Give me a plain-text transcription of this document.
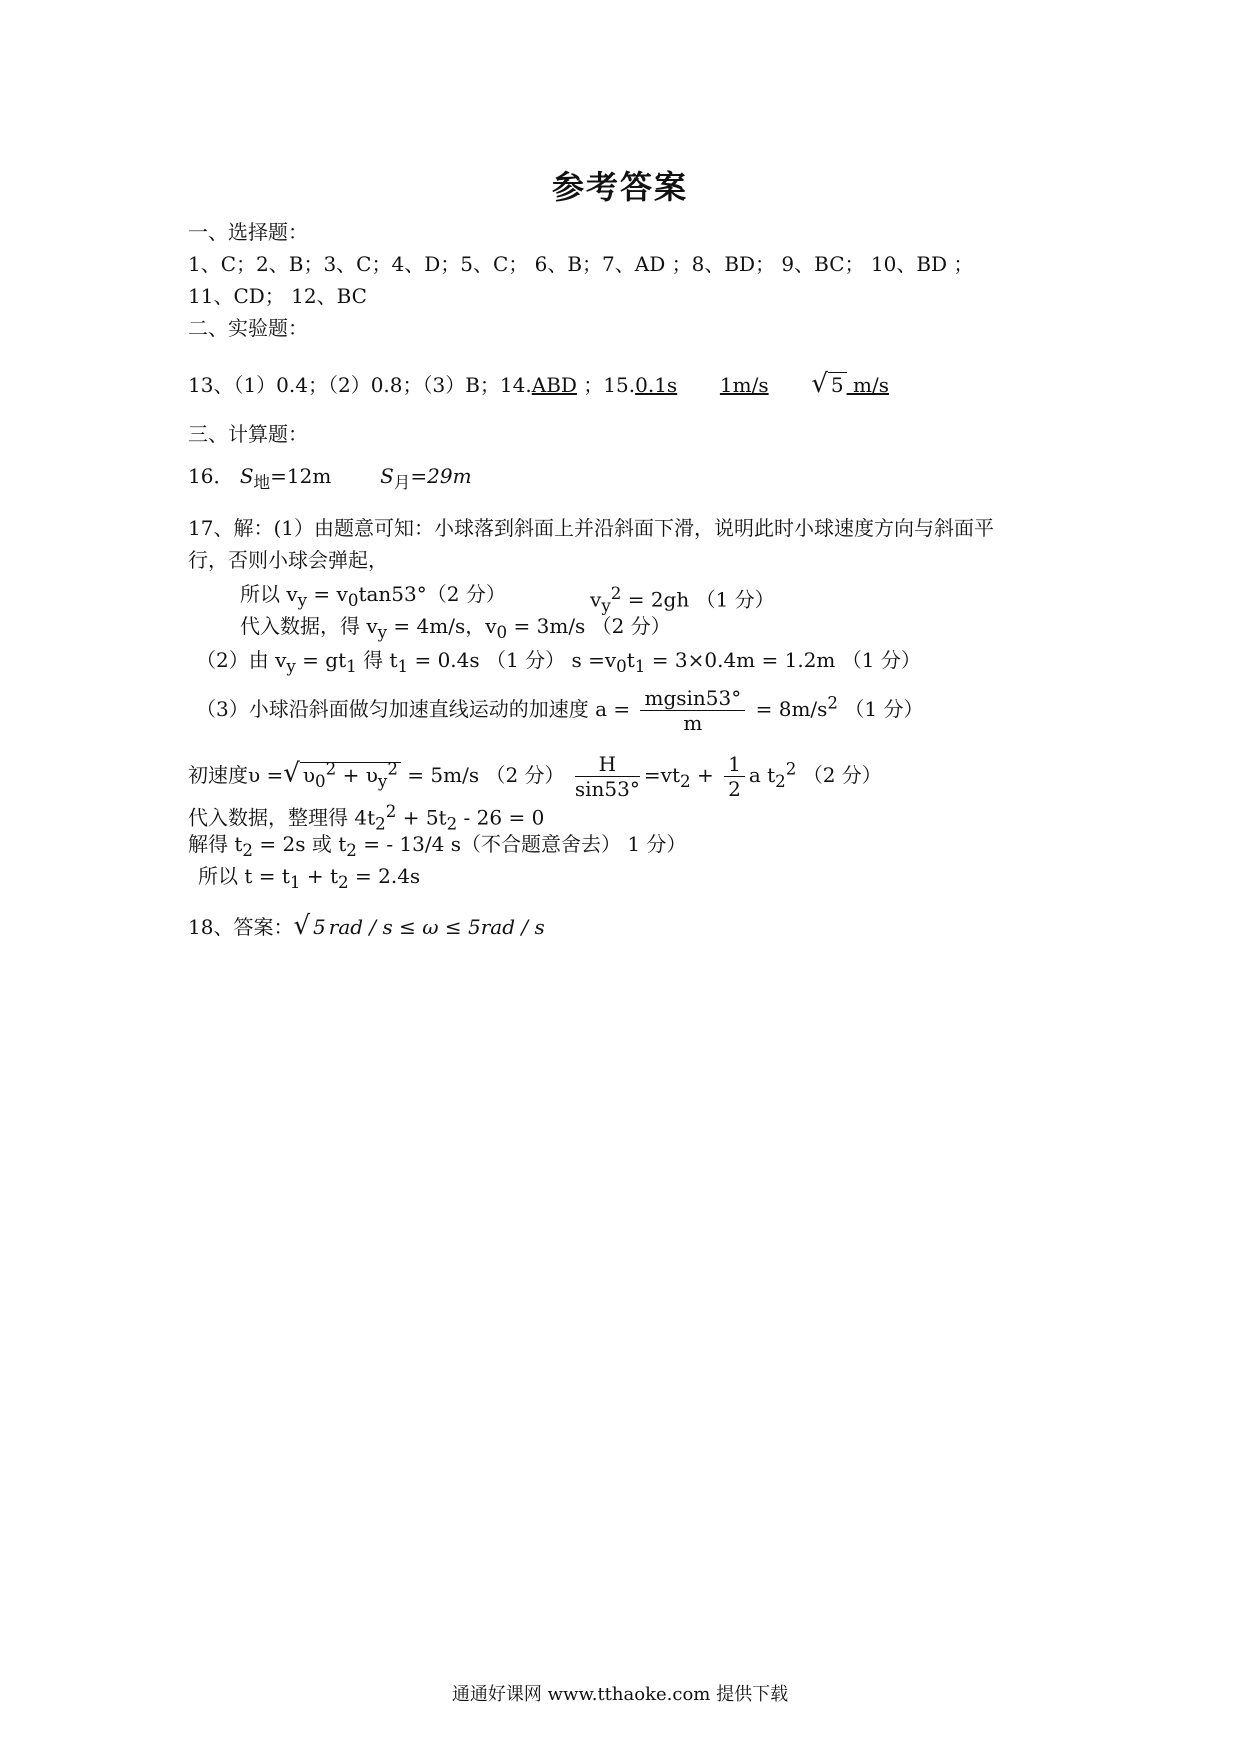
参考答案
一、选择题：
1、C；2、B；3、C；4、D；5、C； 6、B；7、AD ；8、BD； 9、BC； 10、BD ；
11、CD； 12、BC
二、实验题：
13、（1）0.4；（2）0.8；（3）B；14.ABD ；15.0.1s 1m/s √ 5 m/s
三、计算题：
16． $S_地=12m$ $S_月=29m$
17、解：(1）由题意可知：小球落到斜面上并沿斜面下滑，说明此时小球速度方向与斜面平
行，否则小球会弹起，
所以 $v_y = v_0\tan 53^\circ(2$ 分）	$v_y^2 = 2gh$ （1 分）
代入数据，得 $v_y = 4m/s$，$v_0 = 3m/s$ （2 分）
（2）由 $v_y = gt_1$ 得 $t_1 = 0.4s$ （1 分） $s =v_0t_1 = 3\times 0.4m = 1.2m$ （1 分）
（3）小球沿斜面做匀加速直线运动的加速度 $a = \frac{mgsin53^\circ}{m} = 8m/s^2$ （1 分）
初速度υ =√ $\upsilon_0^2 + \upsilon_y^2 = 5m/s$ （2 分） $\frac{H}{\sin 53^\circ} =vt_2 + \frac{1}{2}$ a $t_2^2$ （2 分）
代入数据，整理得 $4t_2^2 + 5t_2 - 26 = 0$
解得 $t_2 = 2s$ 或 $t_2$ = - 13/4 s（不合题意舍去） 1 分）
所以 $t = t_1 + t_2 = 2.4s$
18、答案：√ 5 rad / s ≤ ω ≤ 5rad / s
通通好课网 www.tthaoke.com 提供下载
